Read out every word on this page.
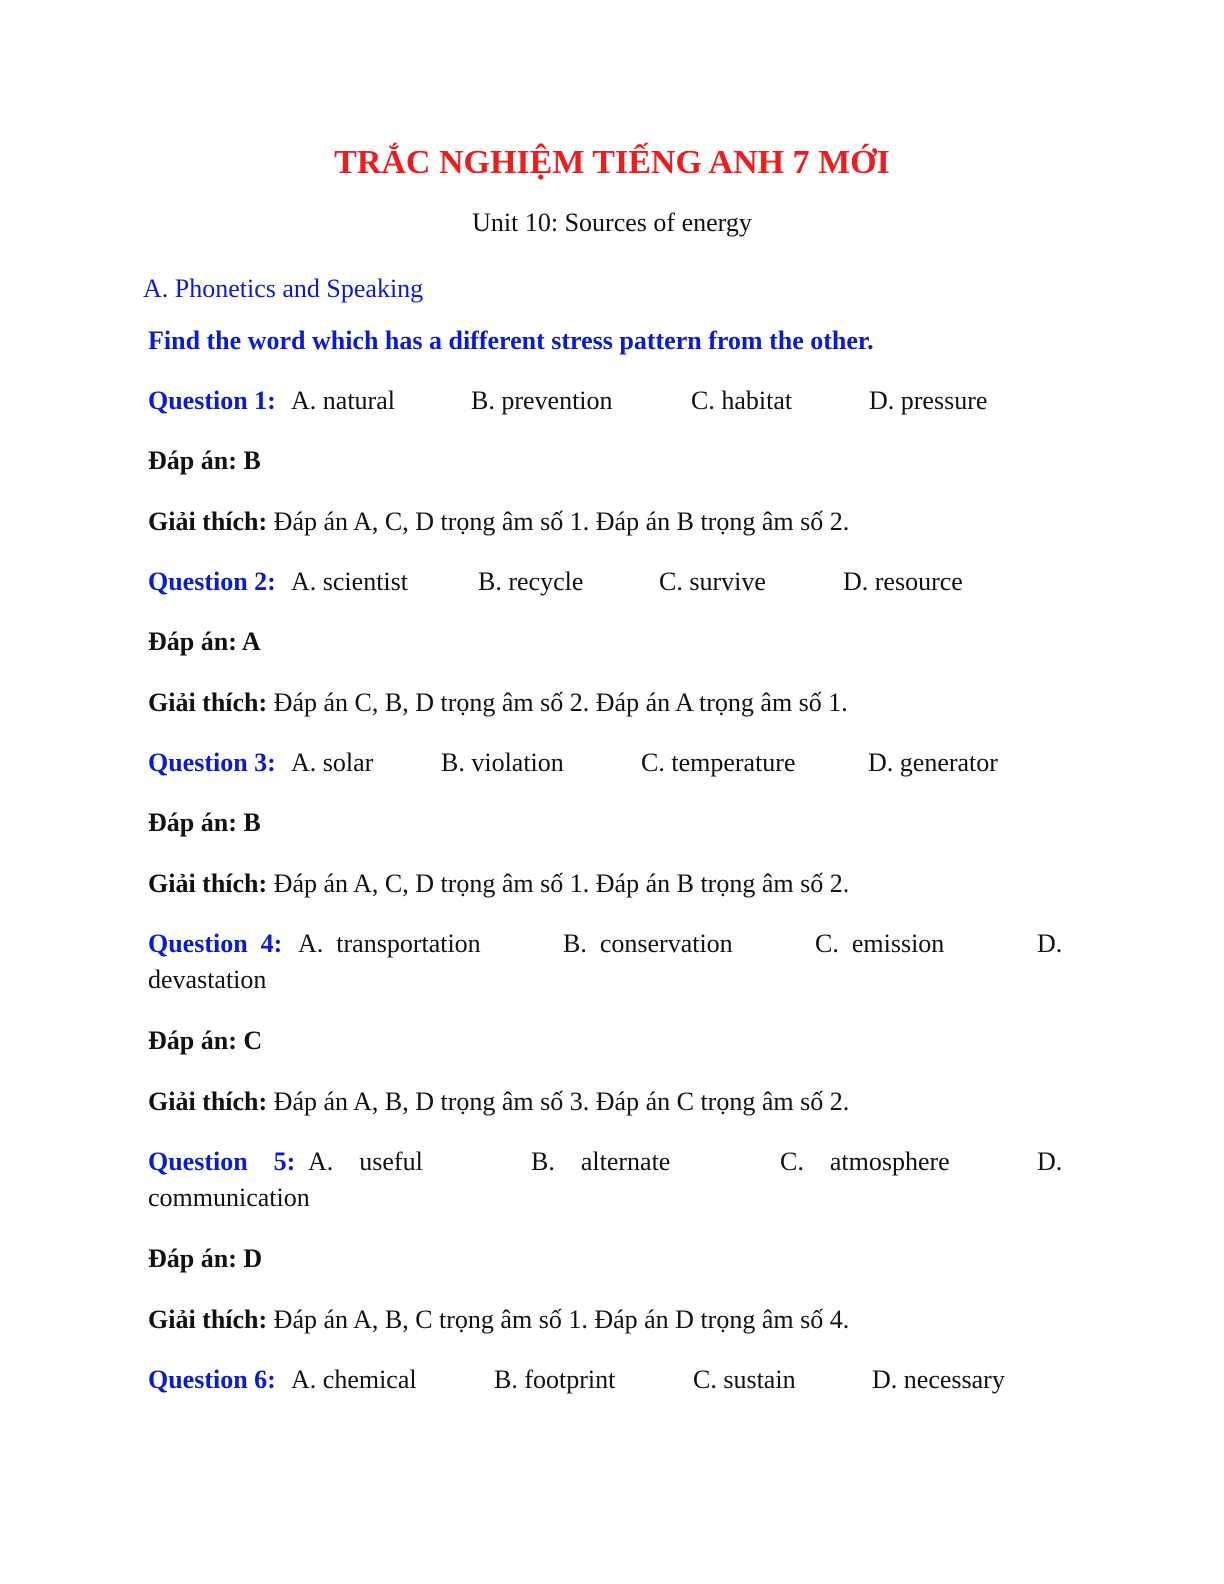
TRẮC NGHIỆM TIẾNG ANH 7 MỚI
Unit 10: Sources of energy
A. Phonetics and Speaking
Find the word which has a different stress pattern from the other.
Question 1: A. natural	B. prevention	C. habitat	D. pressure
Đáp án: B
Giải thích: Đáp án A, C, D trọng âm số 1. Đáp án B trọng âm số 2.
Question 2: A. scientist	B. recycle	C. survive	D. resource
Đáp án: A
Giải thích: Đáp án C, B, D trọng âm số 2. Đáp án A trọng âm số 1.
Question 3: A. solar	B. violation	C. temperature	D. generator
Đáp án: B
Giải thích: Đáp án A, C, D trọng âm số 1. Đáp án B trọng âm số 2.
Question  4: A.  transportation	B.  conservation	C.  emission	D.
devastation
Đáp án: C
Giải thích: Đáp án A, B, D trọng âm số 3. Đáp án C trọng âm số 2.
Question    5: A.    useful	B.    alternate	C.    atmosphere	D.
communication
Đáp án: D
Giải thích: Đáp án A, B, C trọng âm số 1. Đáp án D trọng âm số 4.
Question 6: A. chemical	B. footprint	C. sustain	D. necessary
